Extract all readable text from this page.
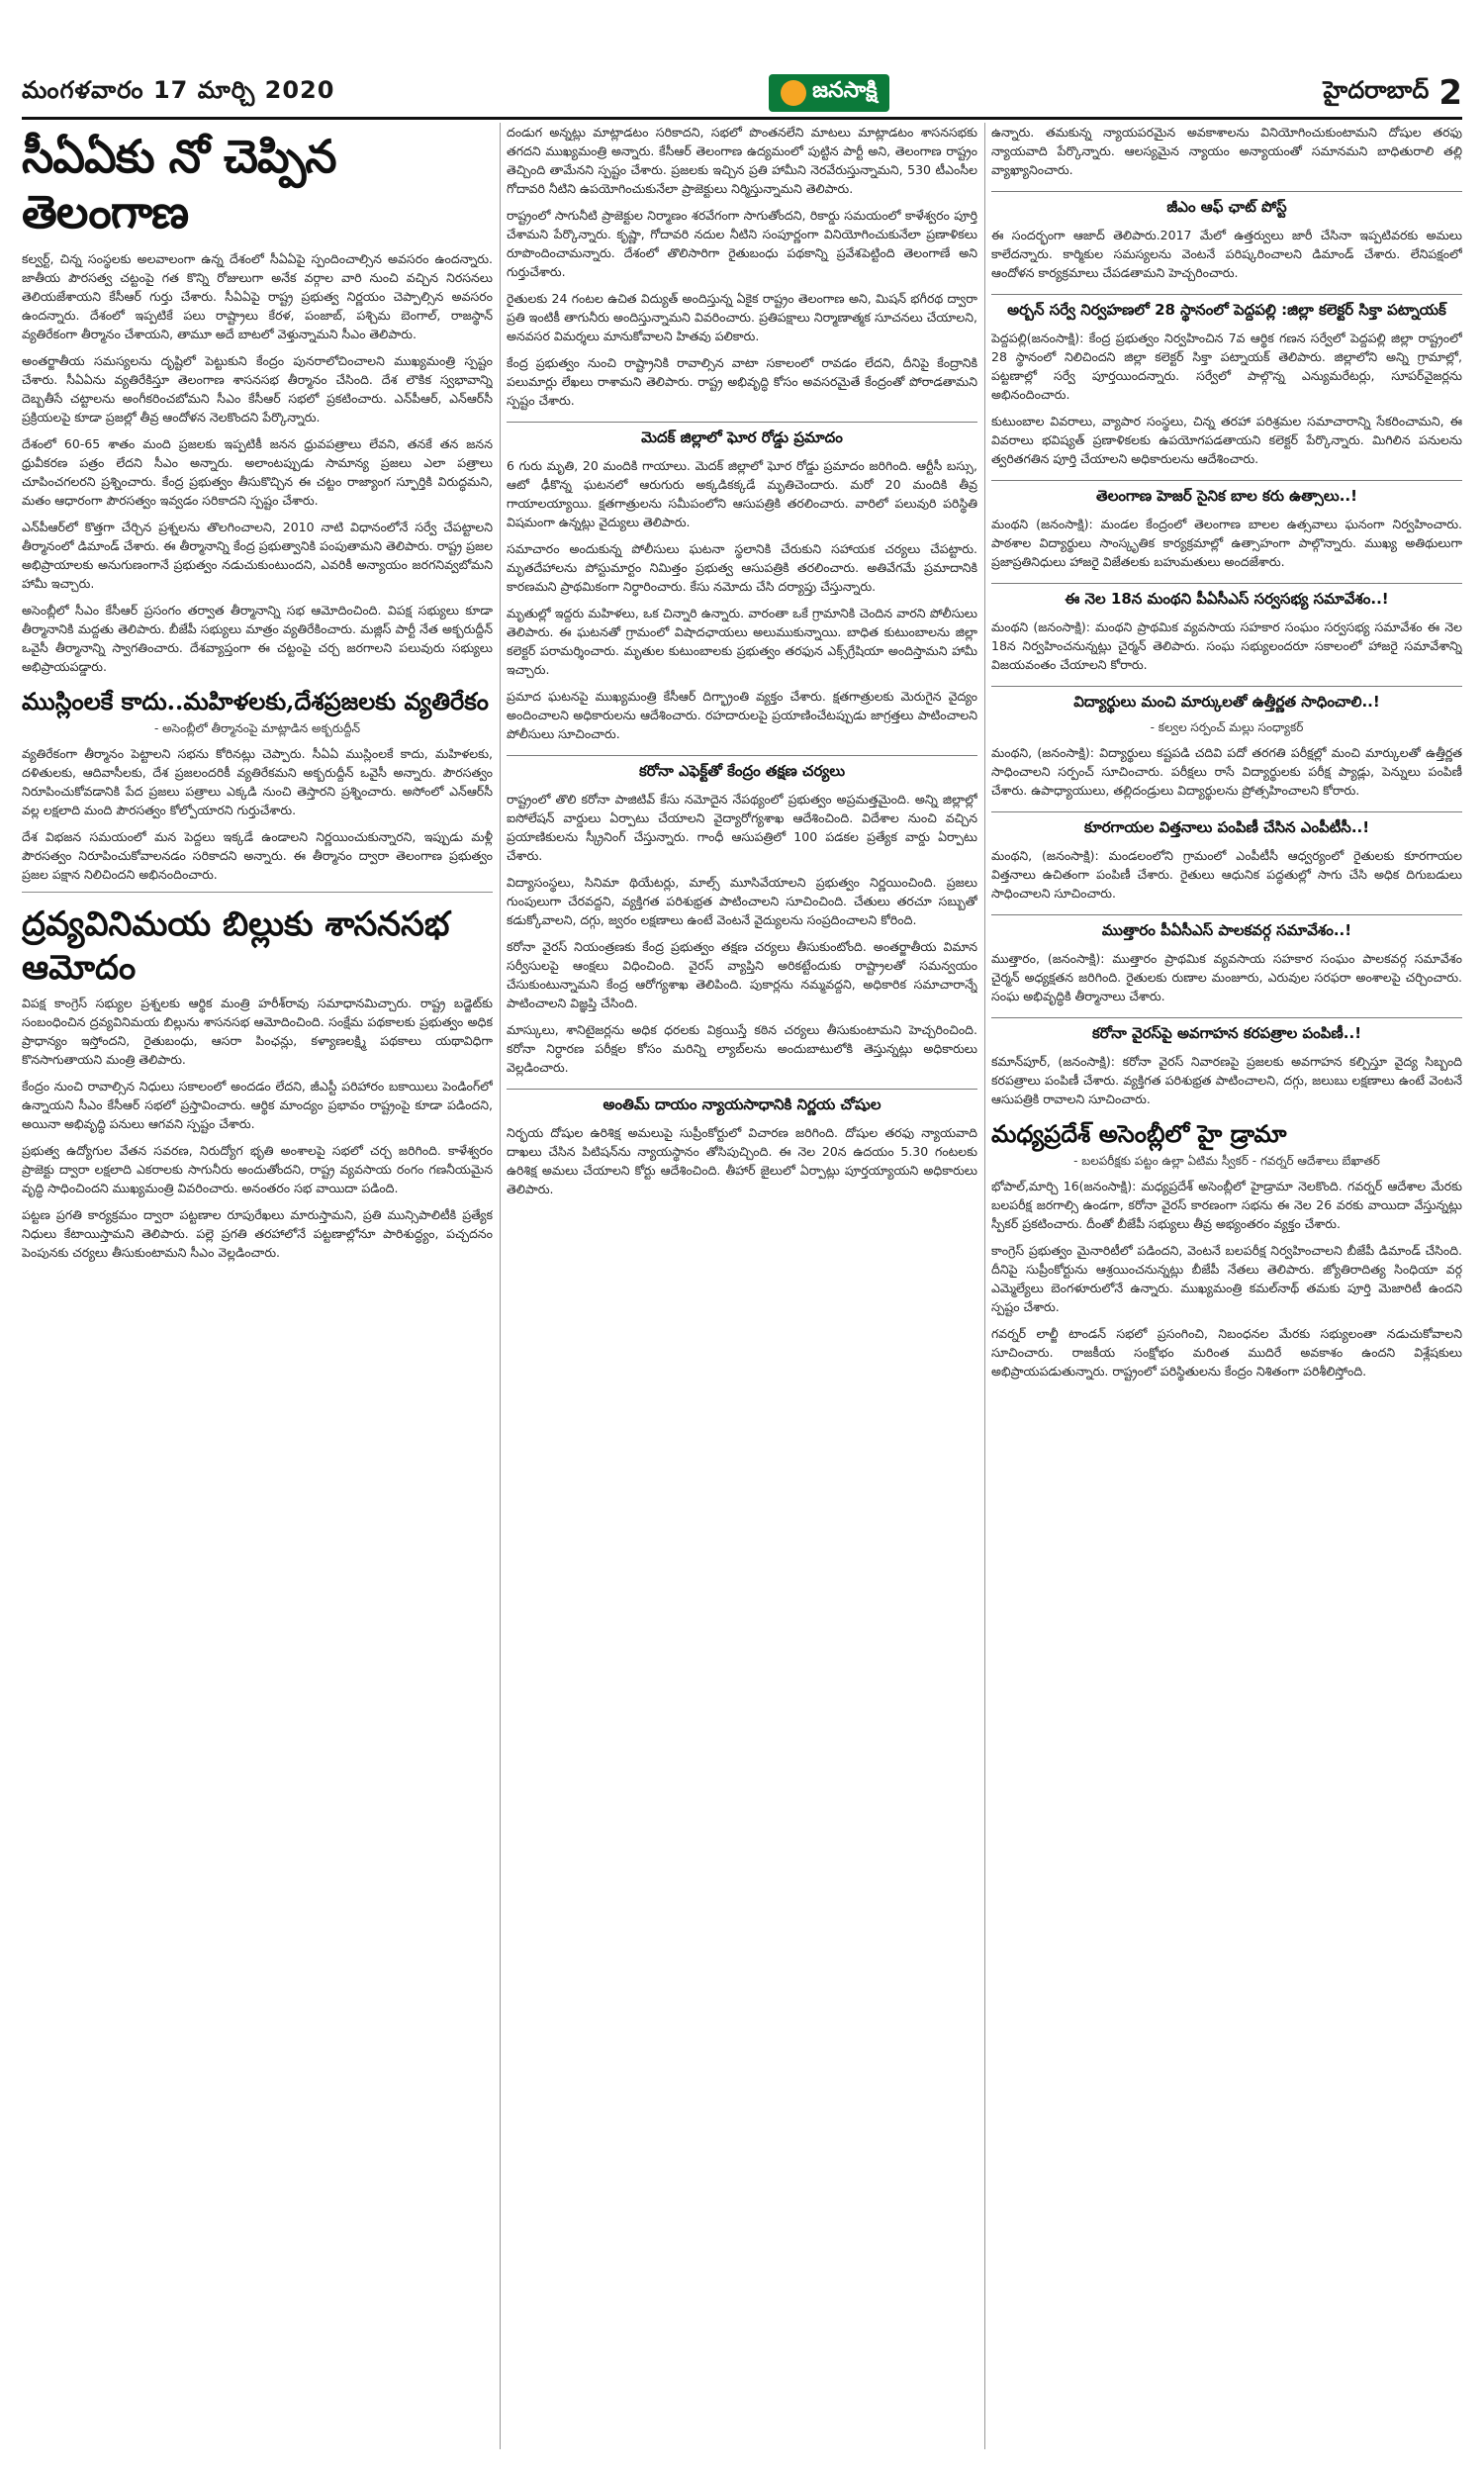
మంగళవారం 17 మార్చి 2020	జనసాక్షి	హైదరాబాద్ 2
సీఏఏకు నో చెప్పిన తెలంగాణ

కల్వర్ట్, చిన్న సంస్థలకు అలవాలంగా ఉన్న దేశంలో సీఏఏపై స్పందించాల్సిన అవసరం ఉందన్నారు. జాతీయ పౌరసత్వ చట్టంపై గత కొన్ని రోజులుగా అనేక వర్గాల వారి నుంచి వచ్చిన నిరసనలు తెలియజేశాయని కేసీఆర్ గుర్తు చేశారు. సీఏఏపై రాష్ట్ర ప్రభుత్వ నిర్ణయం చెప్పాల్సిన అవసరం ఉందన్నారు. దేశంలో ఇప్పటికే పలు రాష్ట్రాలు కేరళ, పంజాబ్, పశ్చిమ బెంగాల్, రాజస్థాన్ వ్యతిరేకంగా తీర్మానం చేశాయని, తామూ అదే బాటలో వెళ్తున్నామని సీఎం తెలిపారు.

అంతర్జాతీయ సమస్యలను దృష్టిలో పెట్టుకుని కేంద్రం పునరాలోచించాలని ముఖ్యమంత్రి స్పష్టం చేశారు. సీఏఏను వ్యతిరేకిస్తూ తెలంగాణ శాసనసభ తీర్మానం చేసింది. దేశ లౌకిక స్వభావాన్ని దెబ్బతీసే చట్టాలను అంగీకరించబోమని సీఎం కేసీఆర్ సభలో ప్రకటించారు. ఎన్‌పీఆర్, ఎన్‌ఆర్‌సీ ప్రక్రియలపై కూడా ప్రజల్లో తీవ్ర ఆందోళన నెలకొందని పేర్కొన్నారు.

దేశంలో 60-65 శాతం మంది ప్రజలకు ఇప్పటికీ జనన ధ్రువపత్రాలు లేవని, తనకే తన జనన ధ్రువీకరణ పత్రం లేదని సీఎం అన్నారు. అలాంటప్పుడు సామాన్య ప్రజలు ఎలా పత్రాలు చూపించగలరని ప్రశ్నించారు. కేంద్ర ప్రభుత్వం తీసుకొచ్చిన ఈ చట్టం రాజ్యాంగ స్ఫూర్తికి విరుద్ధమని, మతం ఆధారంగా పౌరసత్వం ఇవ్వడం సరికాదని స్పష్టం చేశారు.

ఎన్‌పీఆర్‌లో కొత్తగా చేర్చిన ప్రశ్నలను తొలగించాలని, 2010 నాటి విధానంలోనే సర్వే చేపట్టాలని తీర్మానంలో డిమాండ్ చేశారు. ఈ తీర్మానాన్ని కేంద్ర ప్రభుత్వానికి పంపుతామని తెలిపారు. రాష్ట్ర ప్రజల అభిప్రాయాలకు అనుగుణంగానే ప్రభుత్వం నడుచుకుంటుందని, ఎవరికీ అన్యాయం జరగనివ్వబోమని హామీ ఇచ్చారు.

అసెంబ్లీలో సీఎం కేసీఆర్ ప్రసంగం తర్వాత తీర్మానాన్ని సభ ఆమోదించింది. విపక్ష సభ్యులు కూడా తీర్మానానికి మద్దతు తెలిపారు. బీజేపీ సభ్యులు మాత్రం వ్యతిరేకించారు. మజ్లిస్ పార్టీ నేత అక్బరుద్దీన్ ఒవైసీ తీర్మానాన్ని స్వాగతించారు. దేశవ్యాప్తంగా ఈ చట్టంపై చర్చ జరగాలని పలువురు సభ్యులు అభిప్రాయపడ్డారు.

ముస్లింలకే కాదు..మహిళలకు,దేశప్రజలకు వ్యతిరేకం
- అసెంబ్లీలో తీర్మానంపై మాట్లాడిన అక్బరుద్దీన్

వ్యతిరేకంగా తీర్మానం పెట్టాలని సభను కోరినట్లు చెప్పారు. సీఏఏ ముస్లింలకే కాదు, మహిళలకు, దళితులకు, ఆదివాసీలకు, దేశ ప్రజలందరికీ వ్యతిరేకమని అక్బరుద్దీన్ ఒవైసీ అన్నారు. పౌరసత్వం నిరూపించుకోవడానికి పేద ప్రజలు పత్రాలు ఎక్కడి నుంచి తెస్తారని ప్రశ్నించారు. అసోంలో ఎన్‌ఆర్‌సీ వల్ల లక్షలాది మంది పౌరసత్వం కోల్పోయారని గుర్తుచేశారు.

దేశ విభజన సమయంలో మన పెద్దలు ఇక్కడే ఉండాలని నిర్ణయించుకున్నారని, ఇప్పుడు మళ్లీ పౌరసత్వం నిరూపించుకోవాలనడం సరికాదని అన్నారు. ఈ తీర్మానం ద్వారా తెలంగాణ ప్రభుత్వం ప్రజల పక్షాన నిలిచిందని అభినందించారు.

ద్రవ్యవినిమయ బిల్లుకు శాసనసభ ఆమోదం

విపక్ష కాంగ్రెస్ సభ్యుల ప్రశ్నలకు ఆర్థిక మంత్రి హరీశ్‌రావు సమాధానమిచ్చారు. రాష్ట్ర బడ్జెట్‌కు సంబంధించిన ద్రవ్యవినిమయ బిల్లును శాసనసభ ఆమోదించింది. సంక్షేమ పథకాలకు ప్రభుత్వం అధిక ప్రాధాన్యం ఇస్తోందని, రైతుబంధు, ఆసరా పింఛన్లు, కళ్యాణలక్ష్మి పథకాలు యథావిధిగా కొనసాగుతాయని మంత్రి తెలిపారు.

కేంద్రం నుంచి రావాల్సిన నిధులు సకాలంలో అందడం లేదని, జీఎస్టీ పరిహారం బకాయిలు పెండింగ్‌లో ఉన్నాయని సీఎం కేసీఆర్ సభలో ప్రస్తావించారు. ఆర్థిక మాంద్యం ప్రభావం రాష్ట్రంపై కూడా పడిందని, అయినా అభివృద్ధి పనులు ఆగవని స్పష్టం చేశారు.

ప్రభుత్వ ఉద్యోగుల వేతన సవరణ, నిరుద్యోగ భృతి అంశాలపై సభలో చర్చ జరిగింది. కాళేశ్వరం ప్రాజెక్టు ద్వారా లక్షలాది ఎకరాలకు సాగునీరు అందుతోందని, రాష్ట్ర వ్యవసాయ రంగం గణనీయమైన వృద్ధి సాధించిందని ముఖ్యమంత్రి వివరించారు. అనంతరం సభ వాయిదా పడింది.

పట్టణ ప్రగతి కార్యక్రమం ద్వారా పట్టణాల రూపురేఖలు మారుస్తామని, ప్రతి మున్సిపాలిటీకి ప్రత్యేక నిధులు కేటాయిస్తామని తెలిపారు. పల్లె ప్రగతి తరహాలోనే పట్టణాల్లోనూ పారిశుద్ధ్యం, పచ్చదనం పెంపునకు చర్యలు తీసుకుంటామని సీఎం వెల్లడించారు.

దండుగ అన్నట్లు మాట్లాడటం సరికాదని, సభలో పొంతనలేని మాటలు మాట్లాడటం శాసనసభకు తగదని ముఖ్యమంత్రి అన్నారు. కేసీఆర్ తెలంగాణ ఉద్యమంలో పుట్టిన పార్టీ అని, తెలంగాణ రాష్ట్రం తెచ్చింది తామేనని స్పష్టం చేశారు. ప్రజలకు ఇచ్చిన ప్రతి హామీని నెరవేరుస్తున్నామని, 530 టీఎంసీల గోదావరి నీటిని ఉపయోగించుకునేలా ప్రాజెక్టులు నిర్మిస్తున్నామని తెలిపారు.

రాష్ట్రంలో సాగునీటి ప్రాజెక్టుల నిర్మాణం శరవేగంగా సాగుతోందని, రికార్డు సమయంలో కాళేశ్వరం పూర్తి చేశామని పేర్కొన్నారు. కృష్ణా, గోదావరి నదుల నీటిని సంపూర్ణంగా వినియోగించుకునేలా ప్రణాళికలు రూపొందించామన్నారు. దేశంలో తొలిసారిగా రైతుబంధు పథకాన్ని ప్రవేశపెట్టింది తెలంగాణే అని గుర్తుచేశారు.

రైతులకు 24 గంటల ఉచిత విద్యుత్ అందిస్తున్న ఏకైక రాష్ట్రం తెలంగాణ అని, మిషన్ భగీరథ ద్వారా ప్రతి ఇంటికీ తాగునీరు అందిస్తున్నామని వివరించారు. ప్రతిపక్షాలు నిర్మాణాత్మక సూచనలు చేయాలని, అనవసర విమర్శలు మానుకోవాలని హితవు పలికారు.

కేంద్ర ప్రభుత్వం నుంచి రాష్ట్రానికి రావాల్సిన వాటా సకాలంలో రావడం లేదని, దీనిపై కేంద్రానికి పలుమార్లు లేఖలు రాశామని తెలిపారు. రాష్ట్ర అభివృద్ధి కోసం అవసరమైతే కేంద్రంతో పోరాడతామని స్పష్టం చేశారు.

మెదక్ జిల్లాలో ఘోర రోడ్డు ప్రమాదం

6 గురు మృతి, 20 మందికి గాయాలు. మెదక్ జిల్లాలో ఘోర రోడ్డు ప్రమాదం జరిగింది. ఆర్టీసీ బస్సు, ఆటో ఢీకొన్న ఘటనలో ఆరుగురు అక్కడికక్కడే మృతిచెందారు. మరో 20 మందికి తీవ్ర గాయాలయ్యాయి. క్షతగాత్రులను సమీపంలోని ఆసుపత్రికి తరలించారు. వారిలో పలువురి పరిస్థితి విషమంగా ఉన్నట్లు వైద్యులు తెలిపారు.

సమాచారం అందుకున్న పోలీసులు ఘటనా స్థలానికి చేరుకుని సహాయక చర్యలు చేపట్టారు. మృతదేహాలను పోస్టుమార్టం నిమిత్తం ప్రభుత్వ ఆసుపత్రికి తరలించారు. అతివేగమే ప్రమాదానికి కారణమని ప్రాథమికంగా నిర్ధారించారు. కేసు నమోదు చేసి దర్యాప్తు చేస్తున్నారు.

మృతుల్లో ఇద్దరు మహిళలు, ఒక చిన్నారి ఉన్నారు. వారంతా ఒకే గ్రామానికి చెందిన వారని పోలీసులు తెలిపారు. ఈ ఘటనతో గ్రామంలో విషాదఛాయలు అలుముకున్నాయి. బాధిత కుటుంబాలను జిల్లా కలెక్టర్ పరామర్శించారు. మృతుల కుటుంబాలకు ప్రభుత్వం తరఫున ఎక్స్‌గ్రేషియా అందిస్తామని హామీ ఇచ్చారు.

ప్రమాద ఘటనపై ముఖ్యమంత్రి కేసీఆర్ దిగ్భ్రాంతి వ్యక్తం చేశారు. క్షతగాత్రులకు మెరుగైన వైద్యం అందించాలని అధికారులను ఆదేశించారు. రహదారులపై ప్రయాణించేటప్పుడు జాగ్రత్తలు పాటించాలని పోలీసులు సూచించారు.

కరోనా ఎఫెక్ట్‌తో కేంద్రం తక్షణ చర్యలు

రాష్ట్రంలో తొలి కరోనా పాజిటివ్ కేసు నమోదైన నేపథ్యంలో ప్రభుత్వం అప్రమత్తమైంది. అన్ని జిల్లాల్లో ఐసోలేషన్ వార్డులు ఏర్పాటు చేయాలని వైద్యారోగ్యశాఖ ఆదేశించింది. విదేశాల నుంచి వచ్చిన ప్రయాణికులను స్క్రీనింగ్ చేస్తున్నారు. గాంధీ ఆసుపత్రిలో 100 పడకల ప్రత్యేక వార్డు ఏర్పాటు చేశారు.

విద్యాసంస్థలు, సినిమా థియేటర్లు, మాల్స్ మూసివేయాలని ప్రభుత్వం నిర్ణయించింది. ప్రజలు గుంపులుగా చేరవద్దని, వ్యక్తిగత పరిశుభ్రత పాటించాలని సూచించింది. చేతులు తరచూ సబ్బుతో కడుక్కోవాలని, దగ్గు, జ్వరం లక్షణాలు ఉంటే వెంటనే వైద్యులను సంప్రదించాలని కోరింది.

కరోనా వైరస్ నియంత్రణకు కేంద్ర ప్రభుత్వం తక్షణ చర్యలు తీసుకుంటోంది. అంతర్జాతీయ విమాన సర్వీసులపై ఆంక్షలు విధించింది. వైరస్ వ్యాప్తిని అరికట్టేందుకు రాష్ట్రాలతో సమన్వయం చేసుకుంటున్నామని కేంద్ర ఆరోగ్యశాఖ తెలిపింది. పుకార్లను నమ్మవద్దని, అధికారిక సమాచారాన్నే పాటించాలని విజ్ఞప్తి చేసింది.

మాస్కులు, శానిటైజర్లను అధిక ధరలకు విక్రయిస్తే కఠిన చర్యలు తీసుకుంటామని హెచ్చరించింది. కరోనా నిర్ధారణ పరీక్షల కోసం మరిన్ని ల్యాబ్‌లను అందుబాటులోకి తెస్తున్నట్లు అధికారులు వెల్లడించారు.

అంతిమ్ దాయం న్యాయసాధానికి నిర్ణయ చోషుల

నిర్భయ దోషుల ఉరిశిక్ష అమలుపై సుప్రీంకోర్టులో విచారణ జరిగింది. దోషుల తరఫు న్యాయవాది దాఖలు చేసిన పిటిషన్‌ను న్యాయస్థానం తోసిపుచ్చింది. ఈ నెల 20న ఉదయం 5.30 గంటలకు ఉరిశిక్ష అమలు చేయాలని కోర్టు ఆదేశించింది. తీహార్ జైలులో ఏర్పాట్లు పూర్తయ్యాయని అధికారులు తెలిపారు.

ఉన్నారు. తమకున్న న్యాయపరమైన అవకాశాలను వినియోగించుకుంటామని దోషుల తరఫు న్యాయవాది పేర్కొన్నారు. ఆలస్యమైన న్యాయం అన్యాయంతో సమానమని బాధితురాలి తల్లి వ్యాఖ్యానించారు.

జీఎం ఆఫ్ ఛాట్ పోస్ట్

ఈ సందర్భంగా ఆజాద్ తెలిపారు.2017 మేలో ఉత్తర్వులు జారీ చేసినా ఇప్పటివరకు అమలు కాలేదన్నారు. కార్మికుల సమస్యలను వెంటనే పరిష్కరించాలని డిమాండ్ చేశారు. లేనిపక్షంలో ఆందోళన కార్యక్రమాలు చేపడతామని హెచ్చరించారు.

అర్బన్ సర్వే నిర్వహణలో 28 స్థానంలో పెద్దపల్లి :జిల్లా కలెక్టర్ సిక్తా పట్నాయక్

పెద్దపల్లి(జనంసాక్షి): కేంద్ర ప్రభుత్వం నిర్వహించిన 7వ ఆర్థిక గణన సర్వేలో పెద్దపల్లి జిల్లా రాష్ట్రంలో 28 స్థానంలో నిలిచిందని జిల్లా కలెక్టర్ సిక్తా పట్నాయక్ తెలిపారు. జిల్లాలోని అన్ని గ్రామాల్లో, పట్టణాల్లో సర్వే పూర్తయిందన్నారు. సర్వేలో పాల్గొన్న ఎన్యుమరేటర్లు, సూపర్‌వైజర్లను అభినందించారు.

కుటుంబాల వివరాలు, వ్యాపార సంస్థలు, చిన్న తరహా పరిశ్రమల సమాచారాన్ని సేకరించామని, ఈ వివరాలు భవిష్యత్ ప్రణాళికలకు ఉపయోగపడతాయని కలెక్టర్ పేర్కొన్నారు. మిగిలిన పనులను త్వరితగతిన పూర్తి చేయాలని అధికారులను ఆదేశించారు.

తెలంగాణ హెజర్ సైనిక బాల కరు ఉత్సాలు..!

మంథని (జనంసాక్షి): మండల కేంద్రంలో తెలంగాణ బాలల ఉత్సవాలు ఘనంగా నిర్వహించారు. పాఠశాల విద్యార్థులు సాంస్కృతిక కార్యక్రమాల్లో ఉత్సాహంగా పాల్గొన్నారు. ముఖ్య అతిథులుగా ప్రజాప్రతినిధులు హాజరై విజేతలకు బహుమతులు అందజేశారు.

ఈ నెల 18న మంథని పీఏసీఎస్ సర్వసభ్య సమావేశం..!

మంథని (జనంసాక్షి): మంథని ప్రాథమిక వ్యవసాయ సహకార సంఘం సర్వసభ్య సమావేశం ఈ నెల 18న నిర్వహించనున్నట్లు చైర్మన్ తెలిపారు. సంఘ సభ్యులందరూ సకాలంలో హాజరై సమావేశాన్ని విజయవంతం చేయాలని కోరారు.

విద్యార్థులు మంచి మార్కులతో ఉత్తీర్ణత సాధించాలి..!
- కల్వల సర్పంచ్ మల్లు సంధ్యాకర్

మంథని, (జనంసాక్షి): విద్యార్థులు కష్టపడి చదివి పదో తరగతి పరీక్షల్లో మంచి మార్కులతో ఉత్తీర్ణత సాధించాలని సర్పంచ్ సూచించారు. పరీక్షలు రాసే విద్యార్థులకు పరీక్ష ప్యాడ్లు, పెన్నులు పంపిణీ చేశారు. ఉపాధ్యాయులు, తల్లిదండ్రులు విద్యార్థులను ప్రోత్సహించాలని కోరారు.

కూరగాయల విత్తనాలు పంపిణీ చేసిన ఎంపీటీసీ..!

మంథని, (జనంసాక్షి): మండలంలోని గ్రామంలో ఎంపీటీసీ ఆధ్వర్యంలో రైతులకు కూరగాయల విత్తనాలు ఉచితంగా పంపిణీ చేశారు. రైతులు ఆధునిక పద్ధతుల్లో సాగు చేసి అధిక దిగుబడులు సాధించాలని సూచించారు.

ముత్తారం పీఏసీఎస్ పాలకవర్గ సమావేశం..!

ముత్తారం, (జనంసాక్షి): ముత్తారం ప్రాథమిక వ్యవసాయ సహకార సంఘం పాలకవర్గ సమావేశం చైర్మన్ అధ్యక్షతన జరిగింది. రైతులకు రుణాల మంజూరు, ఎరువుల సరఫరా అంశాలపై చర్చించారు. సంఘ అభివృద్ధికి తీర్మానాలు చేశారు.

కరోనా వైరస్‌పై అవగాహన కరపత్రాల పంపిణీ..!

కమాన్‌పూర్, (జనంసాక్షి): కరోనా వైరస్ నివారణపై ప్రజలకు అవగాహన కల్పిస్తూ వైద్య సిబ్బంది కరపత్రాలు పంపిణీ చేశారు. వ్యక్తిగత పరిశుభ్రత పాటించాలని, దగ్గు, జలుబు లక్షణాలు ఉంటే వెంటనే ఆసుపత్రికి రావాలని సూచించారు.

మధ్యప్రదేశ్ అసెంబ్లీలో హై డ్రామా
- బలపరీక్షకు పట్టం ఉల్లా ఏటిమ స్వీకర్ - గవర్నర్ ఆదేశాలు బేఖాతర్

భోపాల్,మార్చి 16(జనంసాక్షి): మధ్యప్రదేశ్ అసెంబ్లీలో హైడ్రామా నెలకొంది. గవర్నర్ ఆదేశాల మేరకు బలపరీక్ష జరగాల్సి ఉండగా, కరోనా వైరస్ కారణంగా సభను ఈ నెల 26 వరకు వాయిదా వేస్తున్నట్లు స్పీకర్ ప్రకటించారు. దీంతో బీజేపీ సభ్యులు తీవ్ర అభ్యంతరం వ్యక్తం చేశారు.

కాంగ్రెస్ ప్రభుత్వం మైనారిటీలో పడిందని, వెంటనే బలపరీక్ష నిర్వహించాలని బీజేపీ డిమాండ్ చేసింది. దీనిపై సుప్రీంకోర్టును ఆశ్రయించనున్నట్లు బీజేపీ నేతలు తెలిపారు. జ్యోతిరాదిత్య సింధియా వర్గ ఎమ్మెల్యేలు బెంగళూరులోనే ఉన్నారు. ముఖ్యమంత్రి కమల్‌నాథ్ తమకు పూర్తి మెజారిటీ ఉందని స్పష్టం చేశారు.

గవర్నర్ లాల్జీ టాండన్ సభలో ప్రసంగించి, నిబంధనల మేరకు సభ్యులంతా నడుచుకోవాలని సూచించారు. రాజకీయ సంక్షోభం మరింత ముదిరే అవకాశం ఉందని విశ్లేషకులు అభిప్రాయపడుతున్నారు. రాష్ట్రంలో పరిస్థితులను కేంద్రం నిశితంగా పరిశీలిస్తోంది.
